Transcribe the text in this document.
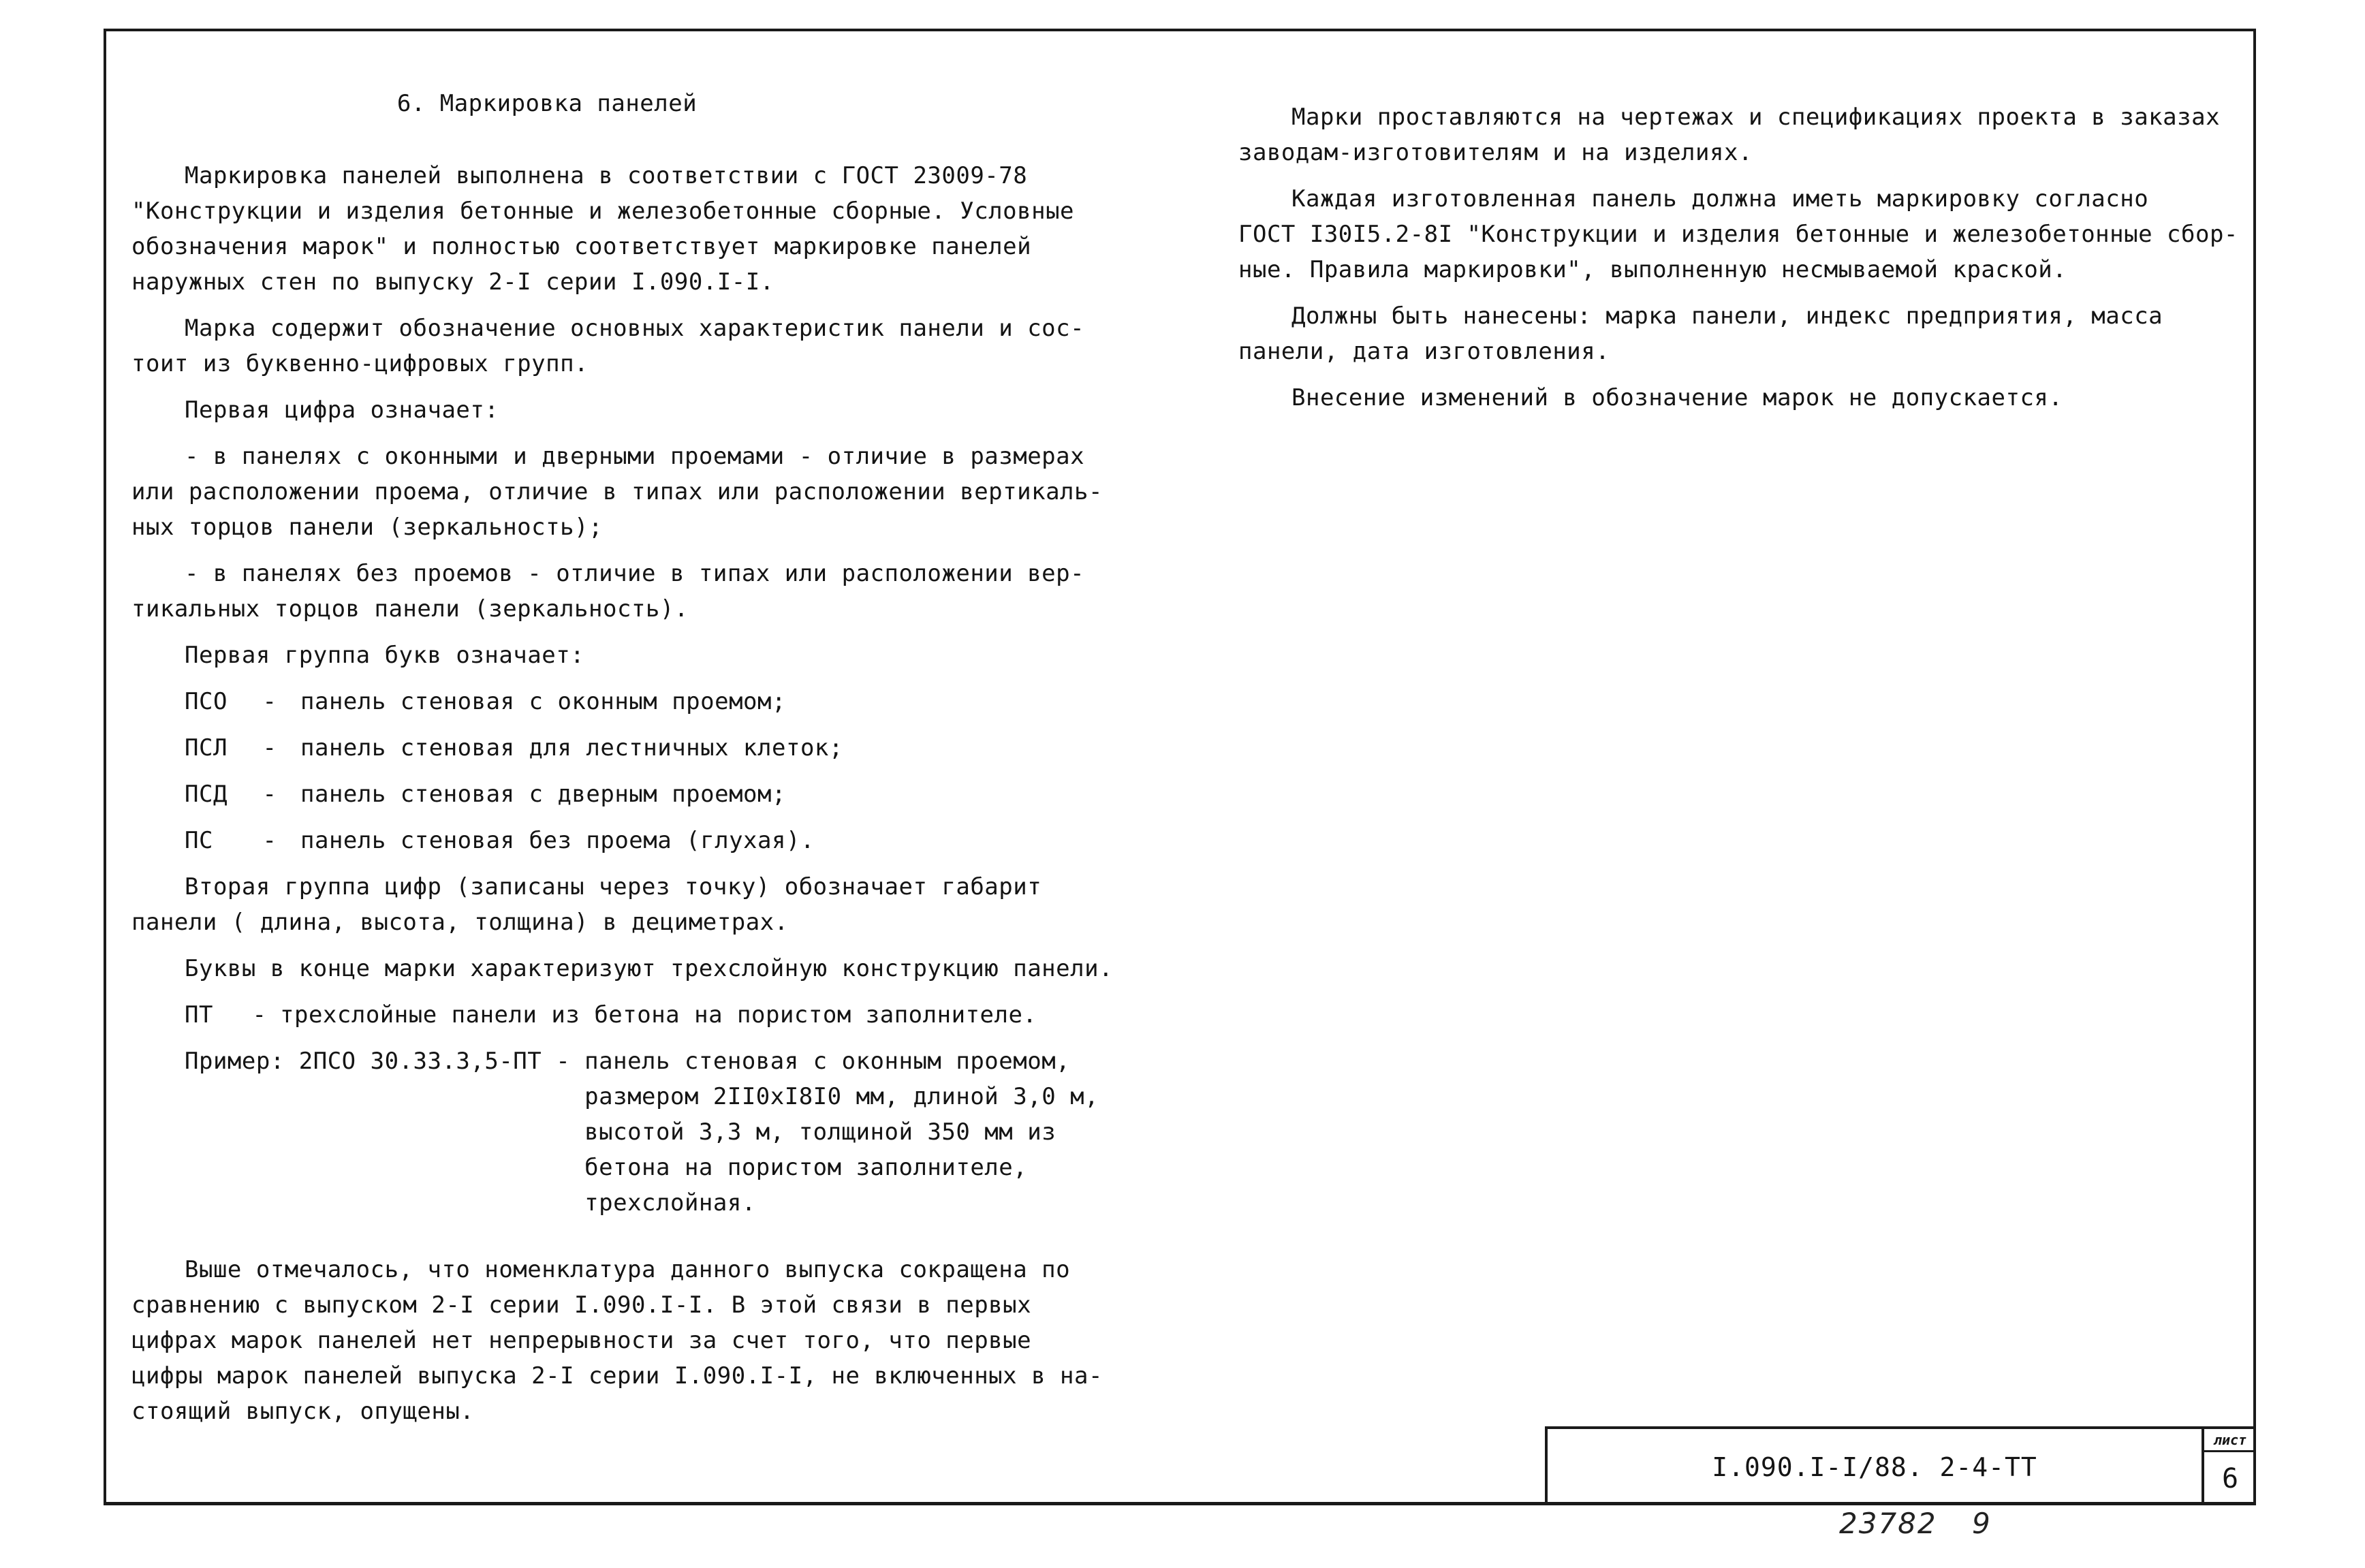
6. Маркировка панелей

Маркировка панелей выполнена в соответствии с ГОСТ 23009-78
"Конструкции и изделия бетонные и железобетонные сборные. Условные
обозначения марок" и полностью соответствует маркировке панелей
наружных стен по выпуску 2-I серии I.090.I-I.

Марка содержит обозначение основных характеристик панели и сос-
тоит из буквенно-цифровых групп.

Первая цифра означает:

- в панелях с оконными и дверными проемами - отличие в размерах
или расположении проема, отличие в типах или расположении вертикаль-
ных торцов панели (зеркальность);

- в панелях без проемов - отличие в типах или расположении вер-
тикальных торцов панели (зеркальность).

Первая группа букв означает:

ПСО	-	панель стеновая с оконным проемом;
ПСЛ	-	панель стеновая для лестничных клеток;
ПСД	-	панель стеновая с дверным проемом;
ПС	-	панель стеновая без проема (глухая).

Вторая группа цифр (записаны через точку) обозначает габарит
панели ( длина, высота, толщина) в дециметрах.

Буквы в конце марки характеризуют трехслойную конструкцию панели.

ПТ	- трехслойные панели из бетона на пористом заполнителе.
Пример: 2ПСО 30.33.3,5-ПТ - панель стеновая с оконным проемом,
размером 2II0xI8I0 мм, длиной 3,0 м,
высотой 3,3 м, толщиной 350 мм из
бетона на пористом заполнителе,
трехслойная.

Выше отмечалось, что номенклатура данного выпуска сокращена по
сравнению с выпуском 2-I серии I.090.I-I. В этой связи в первых
цифрах марок панелей нет непрерывности за счет того, что первые
цифры марок панелей выпуска 2-I серии I.090.I-I, не включенных в на-
стоящий выпуск, опущены.

Марки проставляются на чертежах и спецификациях проекта в заказах
заводам-изготовителям и на изделиях.

Каждая изготовленная панель должна иметь маркировку согласно
ГОСТ I30I5.2-8I "Конструкции и изделия бетонные и железобетонные сбор-
ные. Правила маркировки", выполненную несмываемой краской.

Должны быть нанесены: марка панели, индекс предприятия, масса
панели, дата изготовления.

Внесение изменений в обозначение марок не допускается.

I.090.I-I/88. 2-4-ТТ
лист
6
23782 9
